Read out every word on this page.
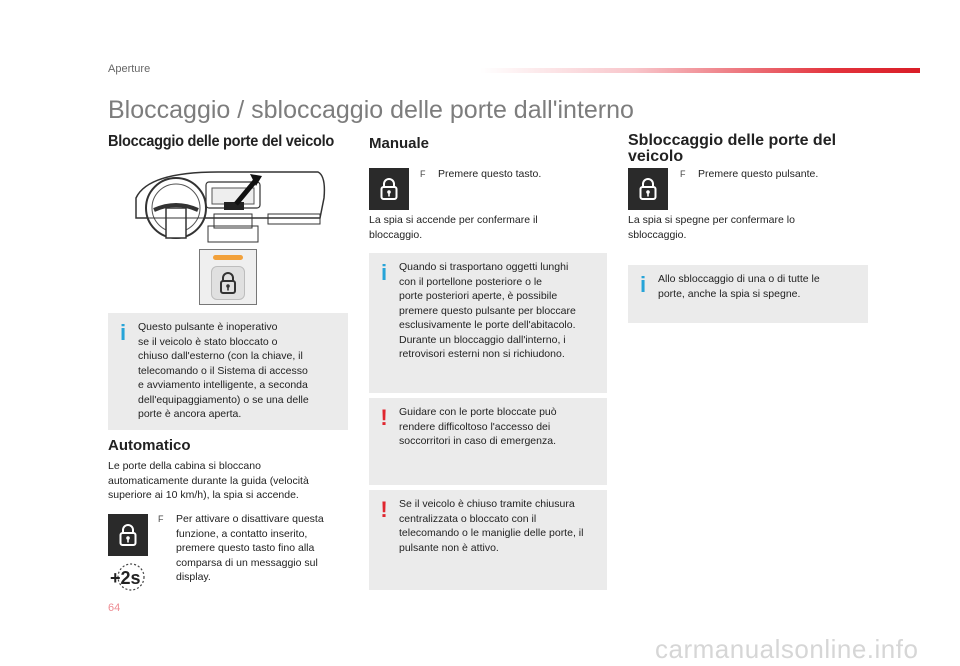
Aperture
Bloccaggio / sbloccaggio delle porte dall'interno
Bloccaggio delle porte del veicolo
i	Questo pulsante è inoperativo
se il veicolo è stato bloccato o
chiuso dall'esterno (con la chiave, il
telecomando o il Sistema di accesso
e avviamento intelligente, a seconda
dell'equipaggiamento) o se una delle
porte è ancora aperta.
Automatico
Le porte della cabina si bloccano
automaticamente durante la guida (velocità
superiore ai 10 km/h), la spia si accende.
F Per attivare o disattivare questa
funzione, a contatto inserito,
premere questo tasto fino alla
comparsa di un messaggio sul
display.
+2s
Manuale
F Premere questo tasto.
La spia si accende per confermare il
bloccaggio.
i	Quando si trasportano oggetti lunghi
con il portellone posteriore o le
porte posteriori aperte, è possibile
premere questo pulsante per bloccare
esclusivamente le porte dell'abitacolo.
Durante un bloccaggio dall'interno, i
retrovisori esterni non si richiudono.
!	Guidare con le porte bloccate può
rendere difficoltoso l'accesso dei
soccorritori in caso di emergenza.
!	Se il veicolo è chiuso tramite chiusura
centralizzata o bloccato con il
telecomando o le maniglie delle porte, il
pulsante non è attivo.
Sbloccaggio delle porte del
veicolo
F Premere questo pulsante.
La spia si spegne per confermare lo
sbloccaggio.
i	Allo sbloccaggio di una o di tutte le
porte, anche la spia si spegne.
64
carmanualsonline.info
